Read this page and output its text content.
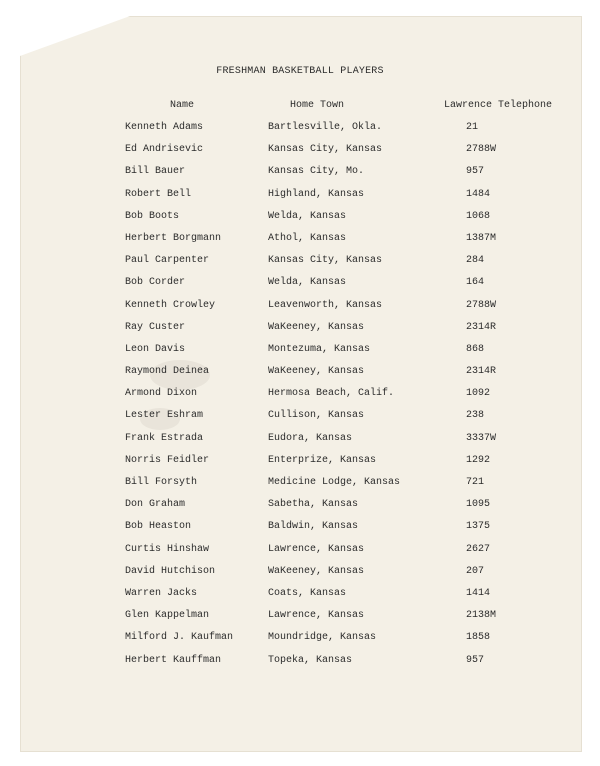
FRESHMAN BASKETBALL PLAYERS
Name	Home Town	Lawrence Telephone
Kenneth Adams	Bartlesville, Okla.	21
Ed Andrisevic	Kansas City, Kansas	2788W
Bill Bauer	Kansas City, Mo.	957
Robert Bell	Highland, Kansas	1484
Bob Boots	Welda, Kansas	1068
Herbert Borgmann	Athol, Kansas	1387M
Paul Carpenter	Kansas City, Kansas	284
Bob Corder	Welda, Kansas	164
Kenneth Crowley	Leavenworth, Kansas	2788W
Ray Custer	WaKeeney, Kansas	2314R
Leon Davis	Montezuma, Kansas	868
Raymond Deinea	WaKeeney, Kansas	2314R
Armond Dixon	Hermosa Beach, Calif.	1092
Lester Eshram	Cullison, Kansas	238
Frank Estrada	Eudora, Kansas	3337W
Norris Feidler	Enterprize, Kansas	1292
Bill Forsyth	Medicine Lodge, Kansas	721
Don Graham	Sabetha, Kansas	1095
Bob Heaston	Baldwin, Kansas	1375
Curtis Hinshaw	Lawrence, Kansas	2627
David Hutchison	WaKeeney, Kansas	207
Warren Jacks	Coats, Kansas	1414
Glen Kappelman	Lawrence, Kansas	2138M
Milford J. Kaufman	Moundridge, Kansas	1858
Herbert Kauffman	Topeka, Kansas	957
